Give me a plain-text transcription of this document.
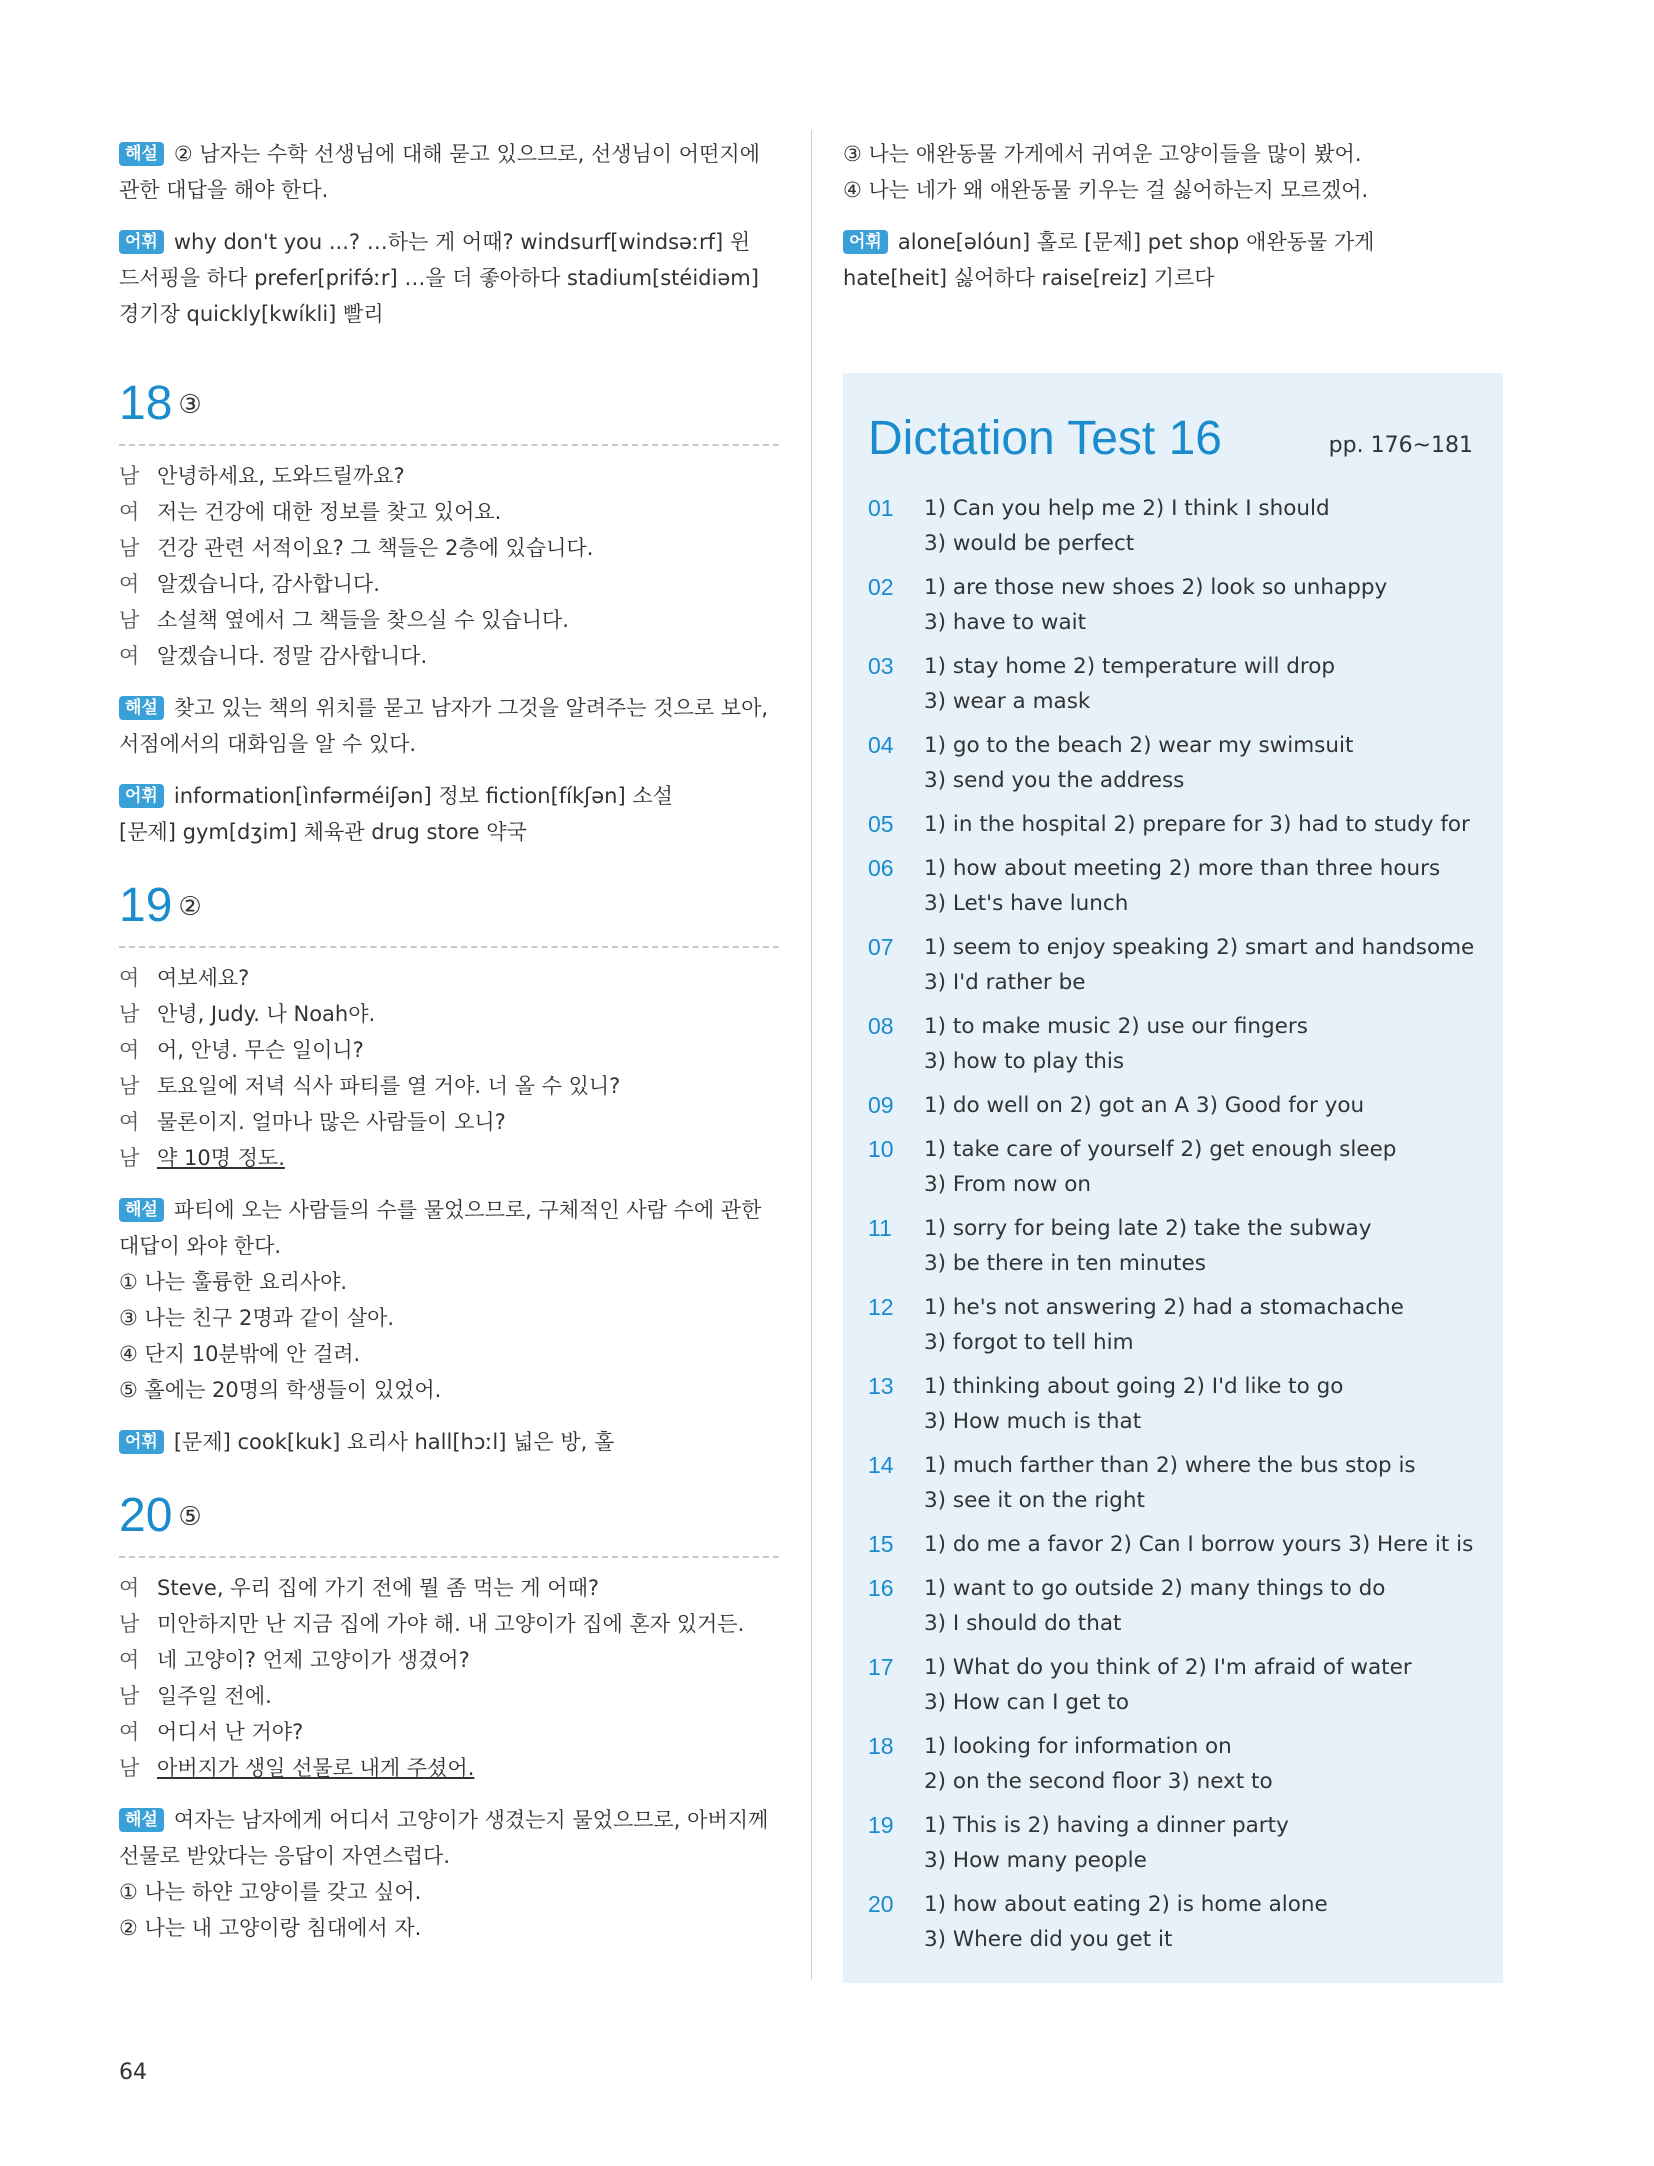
해설 ② 남자는 수학 선생님에 대해 묻고 있으므로, 선생님이 어떤지에
관한 대답을 해야 한다.
어휘 why don't you ...? …하는 게 어때? windsurf[windsəːrf] 윈
드서핑을 하다 prefer[prifə́ːr] …을 더 좋아하다 stadium[stéidiəm]
경기장 quickly[kwíkli] 빨리
18 ③
남 안녕하세요, 도와드릴까요?
여 저는 건강에 대한 정보를 찾고 있어요.
남 건강 관련 서적이요? 그 책들은 2층에 있습니다.
여 알겠습니다, 감사합니다.
남 소설책 옆에서 그 책들을 찾으실 수 있습니다.
여 알겠습니다. 정말 감사합니다.
해설 찾고 있는 책의 위치를 묻고 남자가 그것을 알려주는 것으로 보아,
서점에서의 대화임을 알 수 있다.
어휘 information[ìnfərméiʃən] 정보 fiction[fíkʃən] 소설
[문제] gym[dʒim] 체육관 drug store 약국
19 ②
여 여보세요?
남 안녕, Judy. 나 Noah야.
여 어, 안녕. 무슨 일이니?
남 토요일에 저녁 식사 파티를 열 거야. 너 올 수 있니?
여 물론이지. 얼마나 많은 사람들이 오니?
남 약 10명 정도.
해설 파티에 오는 사람들의 수를 물었으므로, 구체적인 사람 수에 관한
대답이 와야 한다.
① 나는 훌륭한 요리사야.
③ 나는 친구 2명과 같이 살아.
④ 단지 10분밖에 안 걸려.
⑤ 홀에는 20명의 학생들이 있었어.
어휘 [문제] cook[kuk] 요리사 hall[hɔːl] 넓은 방, 홀
20 ⑤
여 Steve, 우리 집에 가기 전에 뭘 좀 먹는 게 어때?
남 미안하지만 난 지금 집에 가야 해. 내 고양이가 집에 혼자 있거든.
여 네 고양이? 언제 고양이가 생겼어?
남 일주일 전에.
여 어디서 난 거야?
남 아버지가 생일 선물로 내게 주셨어.
해설 여자는 남자에게 어디서 고양이가 생겼는지 물었으므로, 아버지께
선물로 받았다는 응답이 자연스럽다.
① 나는 하얀 고양이를 갖고 싶어.
② 나는 내 고양이랑 침대에서 자.
③ 나는 애완동물 가게에서 귀여운 고양이들을 많이 봤어.
④ 나는 네가 왜 애완동물 키우는 걸 싫어하는지 모르겠어.
어휘 alone[əlóun] 홀로 [문제] pet shop 애완동물 가게
hate[heit] 싫어하다 raise[reiz] 기르다
Dictation Test 16	pp. 176~181
01	1) Can you help me 2) I think I should
3) would be perfect
02	1) are those new shoes 2) look so unhappy
3) have to wait
03	1) stay home 2) temperature will drop
3) wear a mask
04	1) go to the beach 2) wear my swimsuit
3) send you the address
05	1) in the hospital 2) prepare for 3) had to study for
06	1) how about meeting 2) more than three hours
3) Let's have lunch
07	1) seem to enjoy speaking 2) smart and handsome
3) I'd rather be
08	1) to make music 2) use our fingers
3) how to play this
09	1) do well on 2) got an A 3) Good for you
10	1) take care of yourself 2) get enough sleep
3) From now on
11	1) sorry for being late 2) take the subway
3) be there in ten minutes
12	1) he's not answering 2) had a stomachache
3) forgot to tell him
13	1) thinking about going 2) I'd like to go
3) How much is that
14	1) much farther than 2) where the bus stop is
3) see it on the right
15	1) do me a favor 2) Can I borrow yours 3) Here it is
16	1) want to go outside 2) many things to do
3) I should do that
17	1) What do you think of 2) I'm afraid of water
3) How can I get to
18	1) looking for information on
2) on the second floor 3) next to
19	1) This is 2) having a dinner party
3) How many people
20	1) how about eating 2) is home alone
3) Where did you get it
64
